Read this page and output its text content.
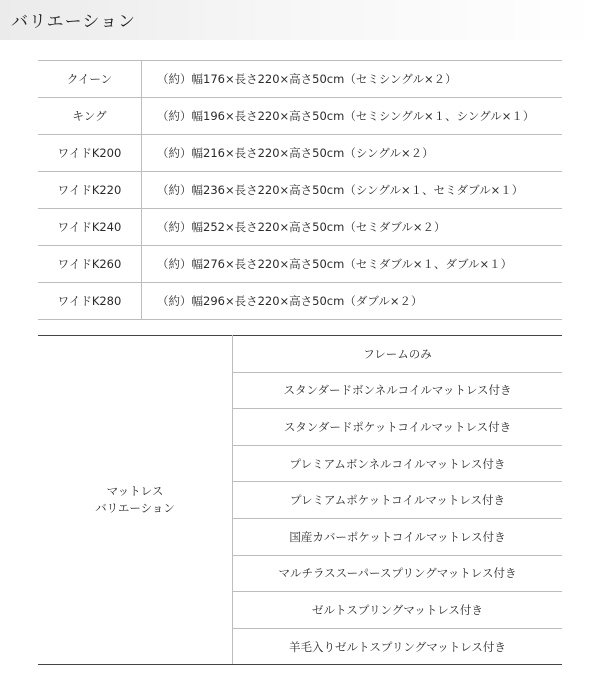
バリエーション
クイーン	（約）幅176×長さ220×高さ50cm（セミシングル×２）
キング	（約）幅196×長さ220×高さ50cm（セミシングル×１、シングル×１）
ワイドK200	（約）幅216×長さ220×高さ50cm（シングル×２）
ワイドK220	（約）幅236×長さ220×高さ50cm（シングル×１、セミダブル×１）
ワイドK240	（約）幅252×長さ220×高さ50cm（セミダブル×２）
ワイドK260	（約）幅276×長さ220×高さ50cm（セミダブル×１、ダブル×１）
ワイドK280	（約）幅296×長さ220×高さ50cm（ダブル×２）
マットレス
バリエーション
	フレームのみ
スタンダードボンネルコイルマットレス付き
スタンダードポケットコイルマットレス付き
プレミアムボンネルコイルマットレス付き
プレミアムポケットコイルマットレス付き
国産カバーポケットコイルマットレス付き
マルチラススーパースプリングマットレス付き
ゼルトスプリングマットレス付き
羊毛入りゼルトスプリングマットレス付き
